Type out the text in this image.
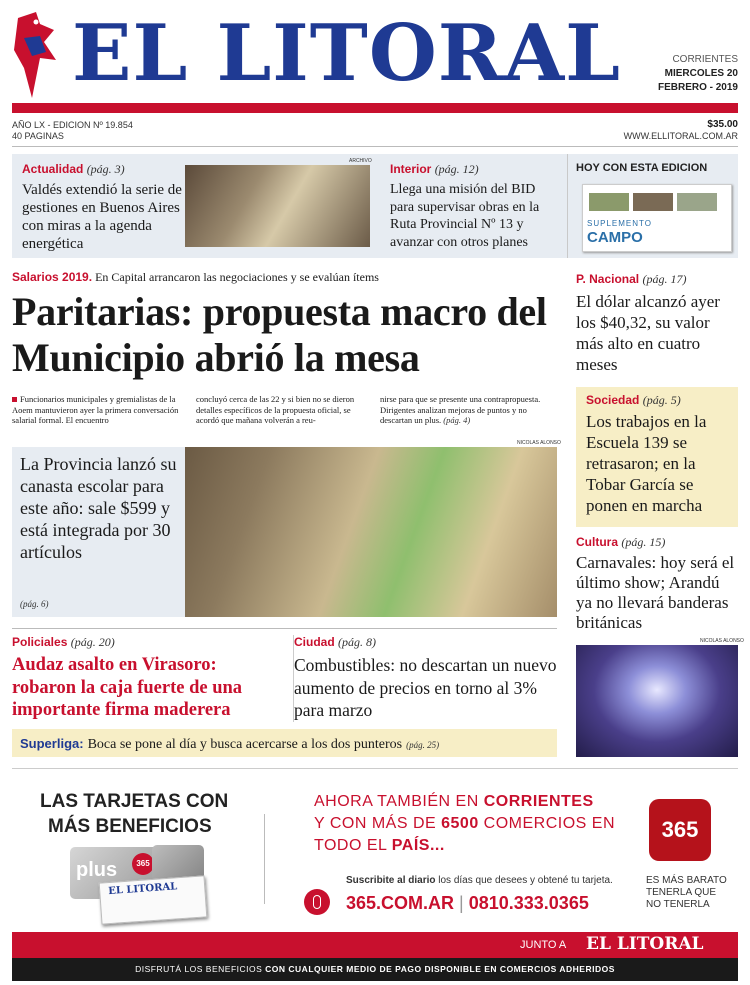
EL LITORAL	CORRIENTES
MIERCOLES 20
FEBRERO - 2019
AÑO LX - EDICION Nº 19.854
40 PAGINAS
$35.00
WWW.ELLITORAL.COM.AR
Actualidad (pág. 3)
Valdés extendió la serie de gestiones en Buenos Aires con miras a la agenda energética
ARCHIVO
Interior (pág. 12)
Llega una misión del BID para supervisar obras en la Ruta Provincial Nº 13 y avanzar con otros planes
HOY CON ESTA EDICION
SUPLEMENTO
CAMPO
Salarios 2019. En Capital arrancaron las negociaciones y se evalúan ítems
Paritarias: propuesta macro del Municipio abrió la mesa
Funcionarios municipales y gremialistas de la Aoem mantuvieron ayer la primera conversación salarial formal. El encuentro
concluyó cerca de las 22 y si bien no se dieron detalles específicos de la propuesta oficial, se acordó que mañana volverán a reu-
nirse para que se presente una contrapropuesta. Dirigentes analizan mejoras de puntos y no descartan un plus. (pág. 4)
La Provincia lanzó su canasta escolar para este año: sale $599 y está integrada por 30 artículos
(pág. 6)
NICOLAS ALONSO
P. Nacional (pág. 17)
El dólar alcanzó ayer los $40,32, su valor más alto en cuatro meses
Sociedad (pág. 5)
Los trabajos en la Escuela 139 se retrasaron; en la Tobar García se ponen en marcha
Cultura (pág. 15)
Carnavales: hoy será el último show; Arandú ya no llevará banderas británicas
NICOLAS ALONSO
Policiales (pág. 20)
Audaz asalto en Virasoro: robaron la caja fuerte de una importante firma maderera
Ciudad (pág. 8)
Combustibles: no descartan un nuevo aumento de precios en torno al 3% para marzo
Superliga: Boca se pone al día y busca acercarse a los dos punteros (pág. 25)
LAS TARJETAS CON
MÁS BENEFICIOS
plus	365
EL LITORAL
AHORA TAMBIÉN EN CORRIENTES
Y CON MÁS DE 6500 COMERCIOS EN
TODO EL PAÍS...
Suscribite al diario los días que desees y obtené tu tarjeta.
365.COM.AR | 0810.333.0365
365
ES MÁS BARATO
TENERLA QUE
NO TENERLA
JUNTO A EL LITORAL
DISFRUTÁ LOS BENEFICIOS CON CUALQUIER MEDIO DE PAGO DISPONIBLE EN COMERCIOS ADHERIDOS
